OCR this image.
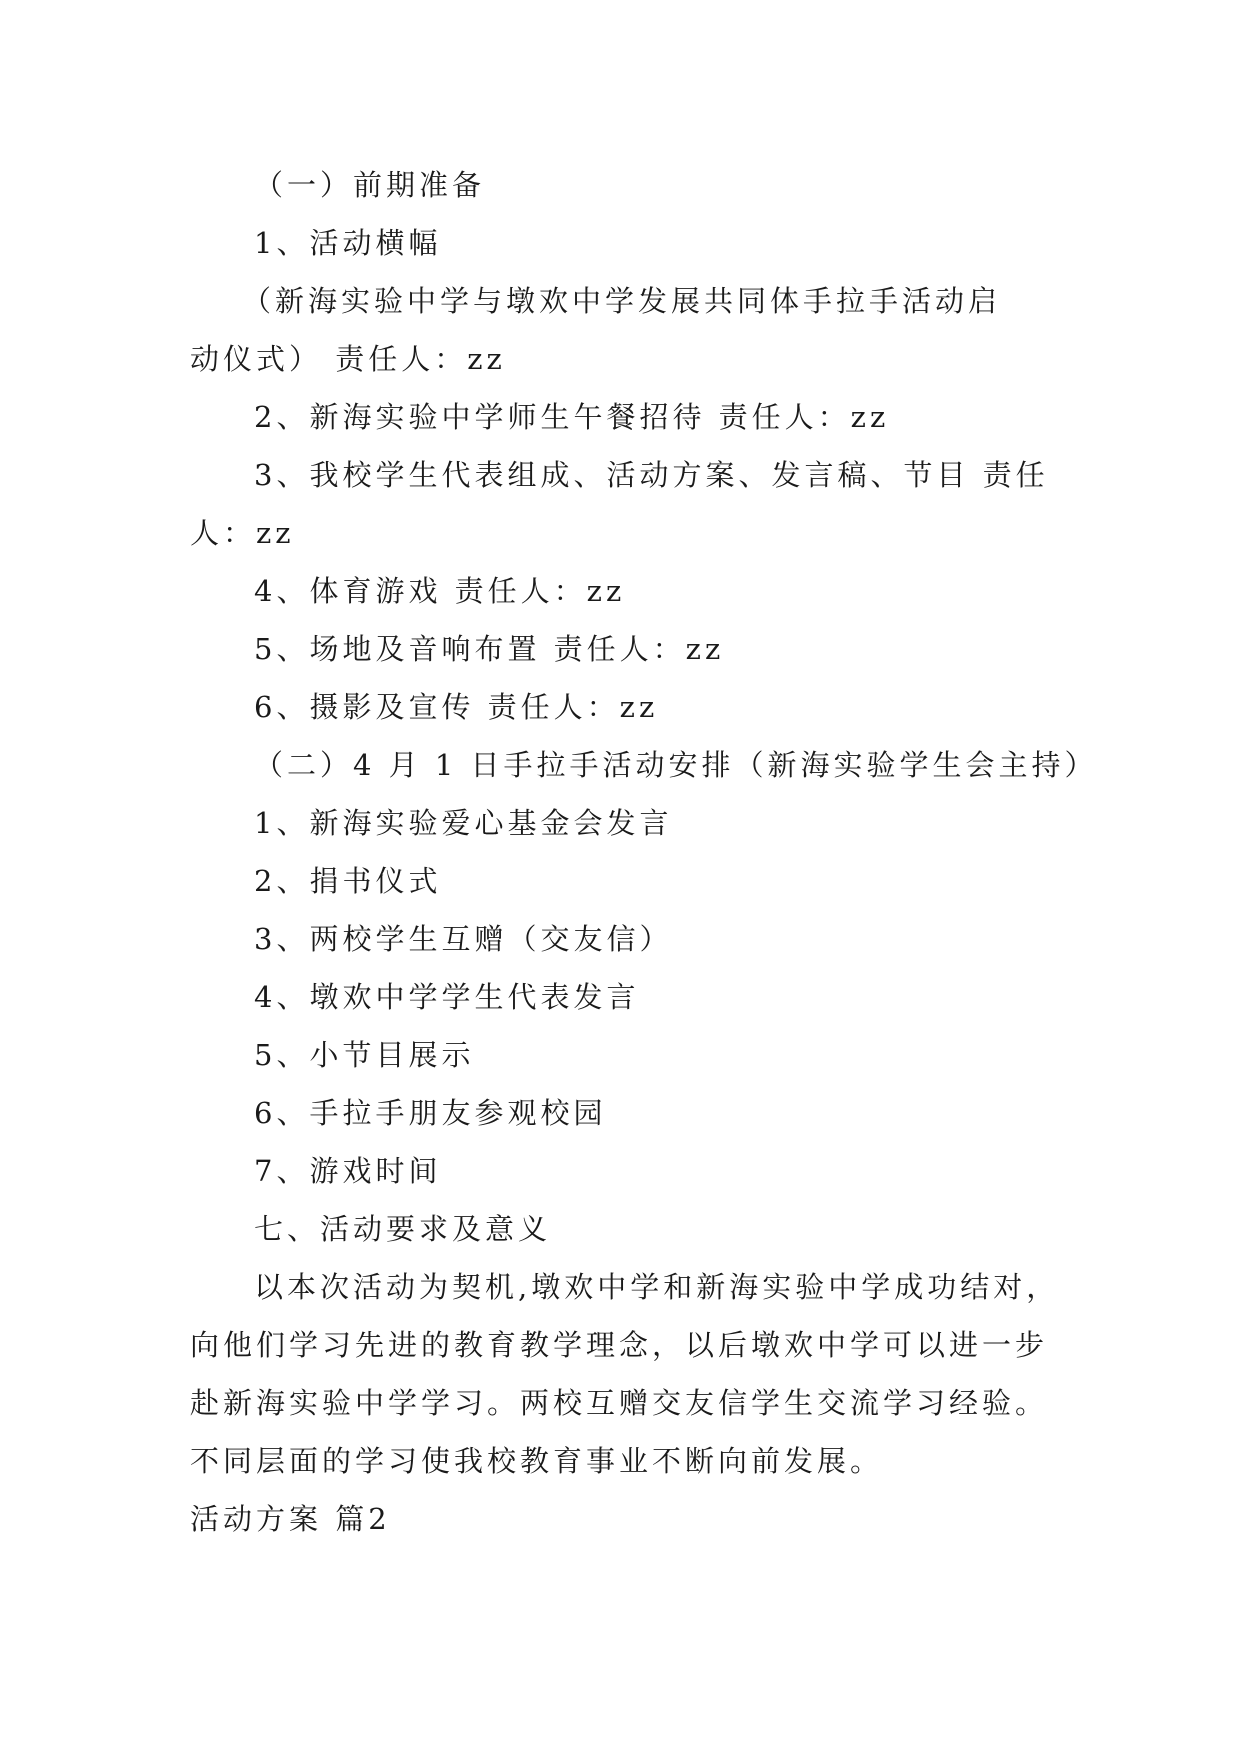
（一）前期准备
1、活动横幅
（新海实验中学与墩欢中学发展共同体手拉手活动启
动仪式） 责任人：zz
2、新海实验中学师生午餐招待 责任人：zz
3、我校学生代表组成、活动方案、发言稿、节目 责任
人：zz
4、体育游戏 责任人：zz
5、场地及音响布置 责任人：zz
6、摄影及宣传 责任人：zz
（二）4 月 1 日手拉手活动安排（新海实验学生会主持）
1、新海实验爱心基金会发言
2、捐书仪式
3、两校学生互赠（交友信）
4、墩欢中学学生代表发言
5、小节目展示
6、手拉手朋友参观校园
7、游戏时间
七、活动要求及意义
以本次活动为契机,墩欢中学和新海实验中学成功结对，
向他们学习先进的教育教学理念，以后墩欢中学可以进一步
赴新海实验中学学习。两校互赠交友信学生交流学习经验。
不同层面的学习使我校教育事业不断向前发展。
活动方案 篇2
